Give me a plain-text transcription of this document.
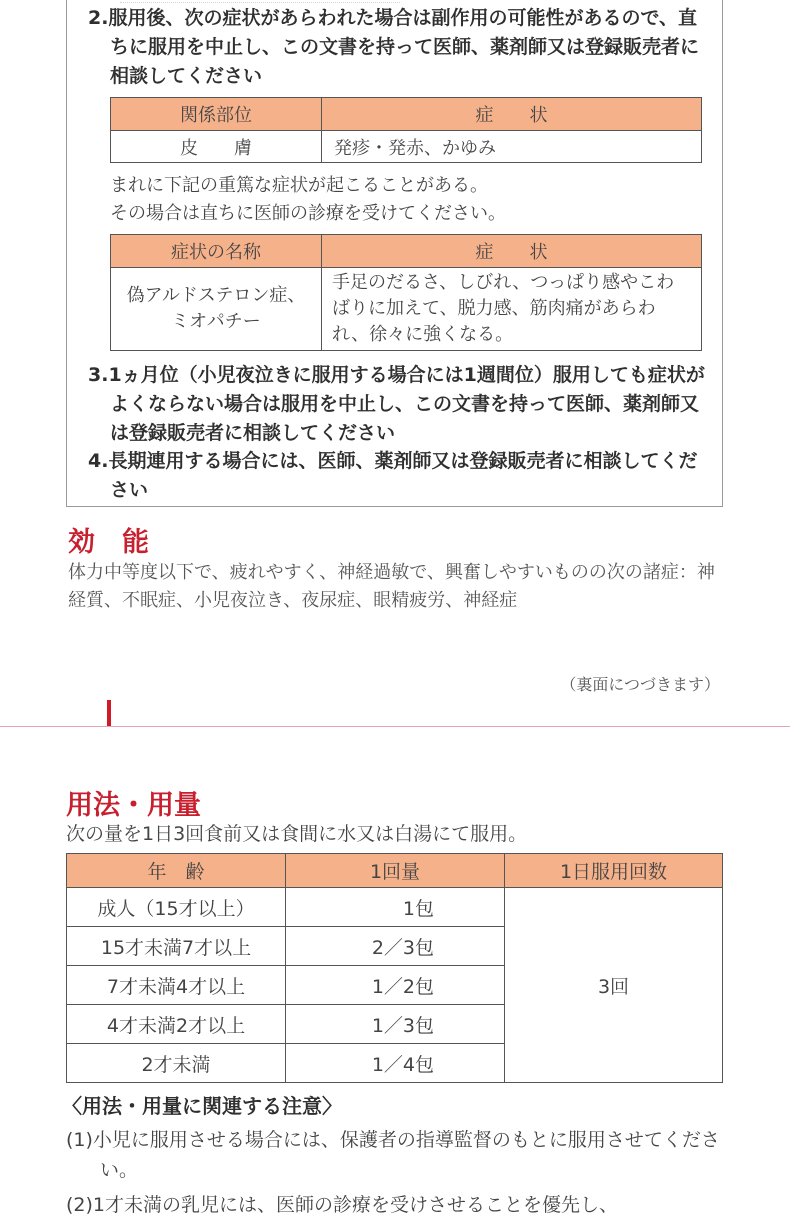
2.服用後、次の症状があらわれた場合は副作用の可能性があるので、直ちに服用を中止し、この文書を持って医師、薬剤師又は登録販売者に相談してください
関係部位	症　　状
皮　　膚	発疹・発赤、かゆみ
まれに下記の重篤な症状が起こることがある。
その場合は直ちに医師の診療を受けてください。
症状の名称	症　　状
偽アルドステロン症、ミオパチー	手足のだるさ、しびれ、つっぱり感やこわばりに加えて、脱力感、筋肉痛があらわれ、徐々に強くなる。
3.1ヵ月位（小児夜泣きに服用する場合には1週間位）服用しても症状がよくならない場合は服用を中止し、この文書を持って医師、薬剤師又は登録販売者に相談してください
4.長期連用する場合には、医師、薬剤師又は登録販売者に相談してください
効　能
体力中等度以下で、疲れやすく、神経過敏で、興奮しやすいものの次の諸症：神経質、不眠症、小児夜泣き、夜尿症、眼精疲労、神経症
（裏面につづきます）
用法・用量
次の量を1日3回食前又は食間に水又は白湯にて服用。
年　齢	1回量	1日服用回数
成人（15才以上）	1包	3回
15才未満7才以上	2／3包	
7才未満4才以上	1／2包	
4才未満2才以上	1／3包	
2才未満	1／4包	
〈用法・用量に関連する注意〉
(1)小児に服用させる場合には、保護者の指導監督のもとに服用させてください。
(2)1才未満の乳児には、医師の診療を受けさせることを優先し、
